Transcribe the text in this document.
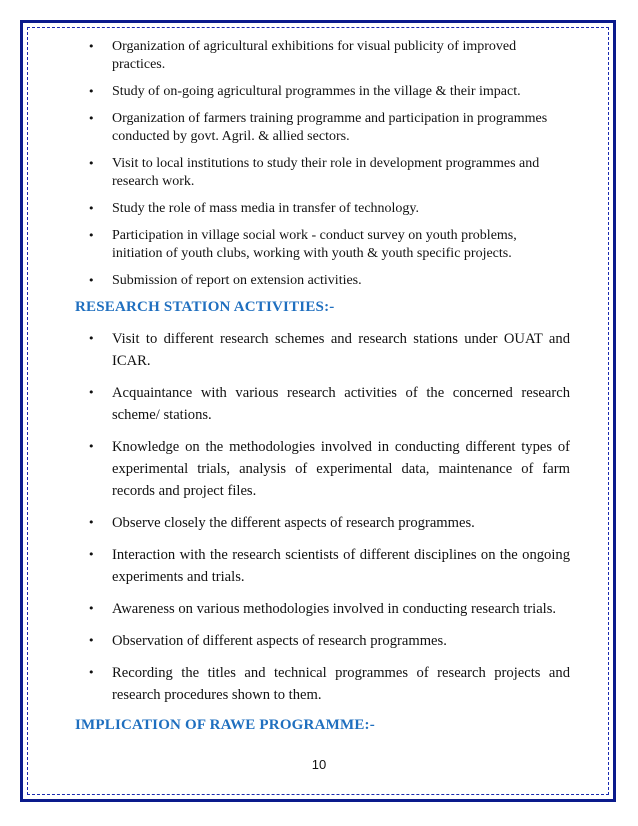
• Organization of agricultural exhibitions for visual publicity of improved practices.
• Study of on-going agricultural programmes in the village & their impact.
• Organization of farmers training programme and participation in programmes conducted by govt. Agril. & allied sectors.
• Visit to local institutions to study their role in development programmes and research work.
• Study the role of mass media in transfer of technology.
• Participation in village social work - conduct survey on youth problems, initiation of youth clubs, working with youth & youth specific projects.
• Submission of report on extension activities.
RESEARCH STATION ACTIVITIES:-
• Visit to different research schemes and research stations under OUAT and ICAR.
• Acquaintance with various research activities of the concerned research scheme/ stations.
• Knowledge on the methodologies involved in conducting different types of experimental trials, analysis of experimental data, maintenance of farm records and project files.
• Observe closely the different aspects of research programmes.
• Interaction with the research scientists of different disciplines on the ongoing experiments and trials.
• Awareness on various methodologies involved in conducting research trials.
• Observation of different aspects of research programmes.
• Recording the titles and technical programmes of research projects and research procedures shown to them.
IMPLICATION OF RAWE PROGRAMME:-
10
